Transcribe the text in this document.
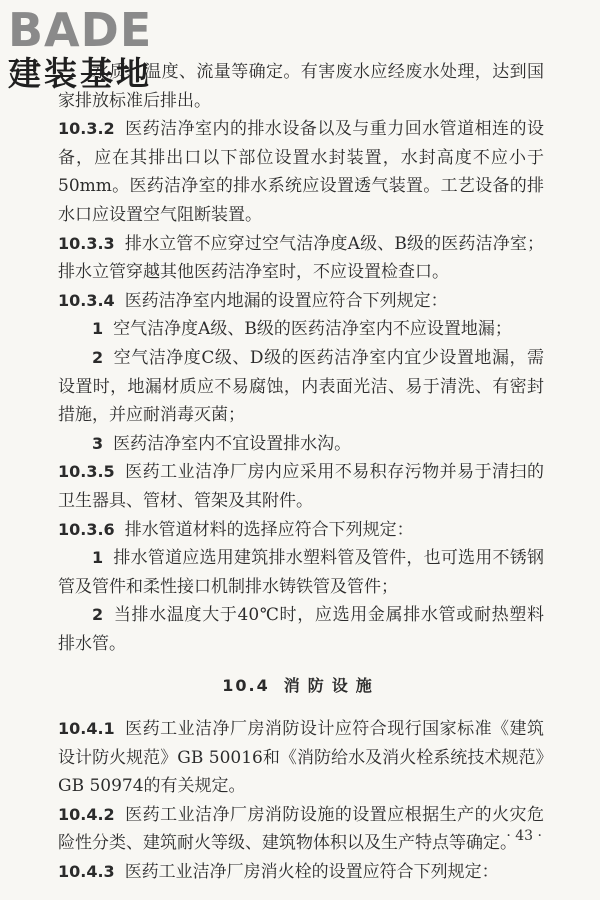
BADE
建装基地

水质、温度、流量等确定。有害废水应经废水处理，达到国家排放标准后排出。

10.3.2 医药洁净室内的排水设备以及与重力回水管道相连的设备，应在其排出口以下部位设置水封装置，水封高度不应小于50mm。医药洁净室的排水系统应设置透气装置。工艺设备的排水口应设置空气阻断装置。

10.3.3 排水立管不应穿过空气洁净度A级、B级的医药洁净室；排水立管穿越其他医药洁净室时，不应设置检查口。

10.3.4 医药洁净室内地漏的设置应符合下列规定：

1 空气洁净度A级、B级的医药洁净室内不应设置地漏；

2 空气洁净度C级、D级的医药洁净室内宜少设置地漏，需设置时，地漏材质应不易腐蚀，内表面光洁、易于清洗、有密封措施，并应耐消毒灭菌；

3 医药洁净室内不宜设置排水沟。

10.3.5 医药工业洁净厂房内应采用不易积存污物并易于清扫的卫生器具、管材、管架及其附件。

10.3.6 排水管道材料的选择应符合下列规定：

1 排水管道应选用建筑排水塑料管及管件，也可选用不锈钢管及管件和柔性接口机制排水铸铁管及管件；

2 当排水温度大于40℃时，应选用金属排水管或耐热塑料排水管。

10.4 消防设施

10.4.1 医药工业洁净厂房消防设计应符合现行国家标准《建筑设计防火规范》GB 50016和《消防给水及消火栓系统技术规范》GB 50974的有关规定。

10.4.2 医药工业洁净厂房消防设施的设置应根据生产的火灾危险性分类、建筑耐火等级、建筑物体积以及生产特点等确定。

10.4.3 医药工业洁净厂房消火栓的设置应符合下列规定：

· 43 ·
